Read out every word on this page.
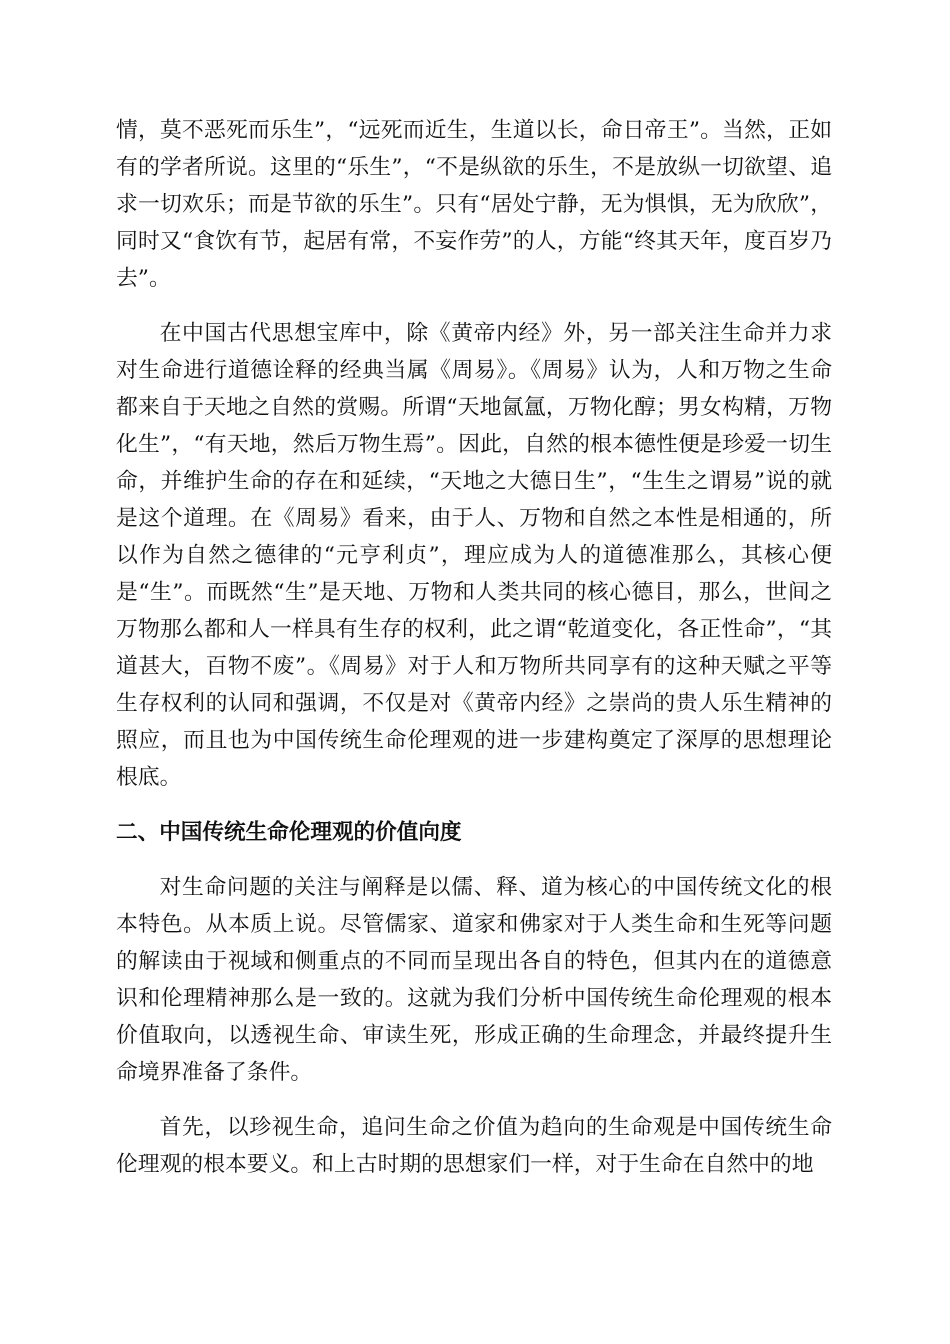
情，莫不恶死而乐生”，“远死而近生，生道以长，命日帝王”。当然，正如有的学者所说。这里的“乐生”，“不是纵欲的乐生，不是放纵一切欲望、追求一切欢乐；而是节欲的乐生”。只有“居处宁静，无为惧惧，无为欣欣”，同时又“食饮有节，起居有常，不妄作劳”的人，方能“终其天年，度百岁乃去”。

在中国古代思想宝库中，除《黄帝内经》外，另一部关注生命并力求对生命进行道德诠释的经典当属《周易》。《周易》认为，人和万物之生命都来自于天地之自然的赏赐。所谓“天地氤氲，万物化醇；男女构精，万物化生”，“有天地，然后万物生焉”。因此，自然的根本德性便是珍爱一切生命，并维护生命的存在和延续，“天地之大德日生”，“生生之谓易”说的就是这个道理。在《周易》看来，由于人、万物和自然之本性是相通的，所以作为自然之德律的“元亨利贞”，理应成为人的道德准那么，其核心便是“生”。而既然“生”是天地、万物和人类共同的核心德目，那么，世间之万物那么都和人一样具有生存的权利，此之谓“乾道变化，各正性命”，“其道甚大，百物不废”。《周易》对于人和万物所共同享有的这种天赋之平等生存权利的认同和强调，不仅是对《黄帝内经》之崇尚的贵人乐生精神的照应，而且也为中国传统生命伦理观的进一步建构奠定了深厚的思想理论根底。

二、中国传统生命伦理观的价值向度

对生命问题的关注与阐释是以儒、释、道为核心的中国传统文化的根本特色。从本质上说。尽管儒家、道家和佛家对于人类生命和生死等问题的解读由于视域和侧重点的不同而呈现出各自的特色，但其内在的道德意识和伦理精神那么是一致的。这就为我们分析中国传统生命伦理观的根本价值取向，以透视生命、审读生死，形成正确的生命理念，并最终提升生命境界准备了条件。

首先，以珍视生命，追问生命之价值为趋向的生命观是中国传统生命伦理观的根本要义。和上古时期的思想家们一样，对于生命在自然中的地
